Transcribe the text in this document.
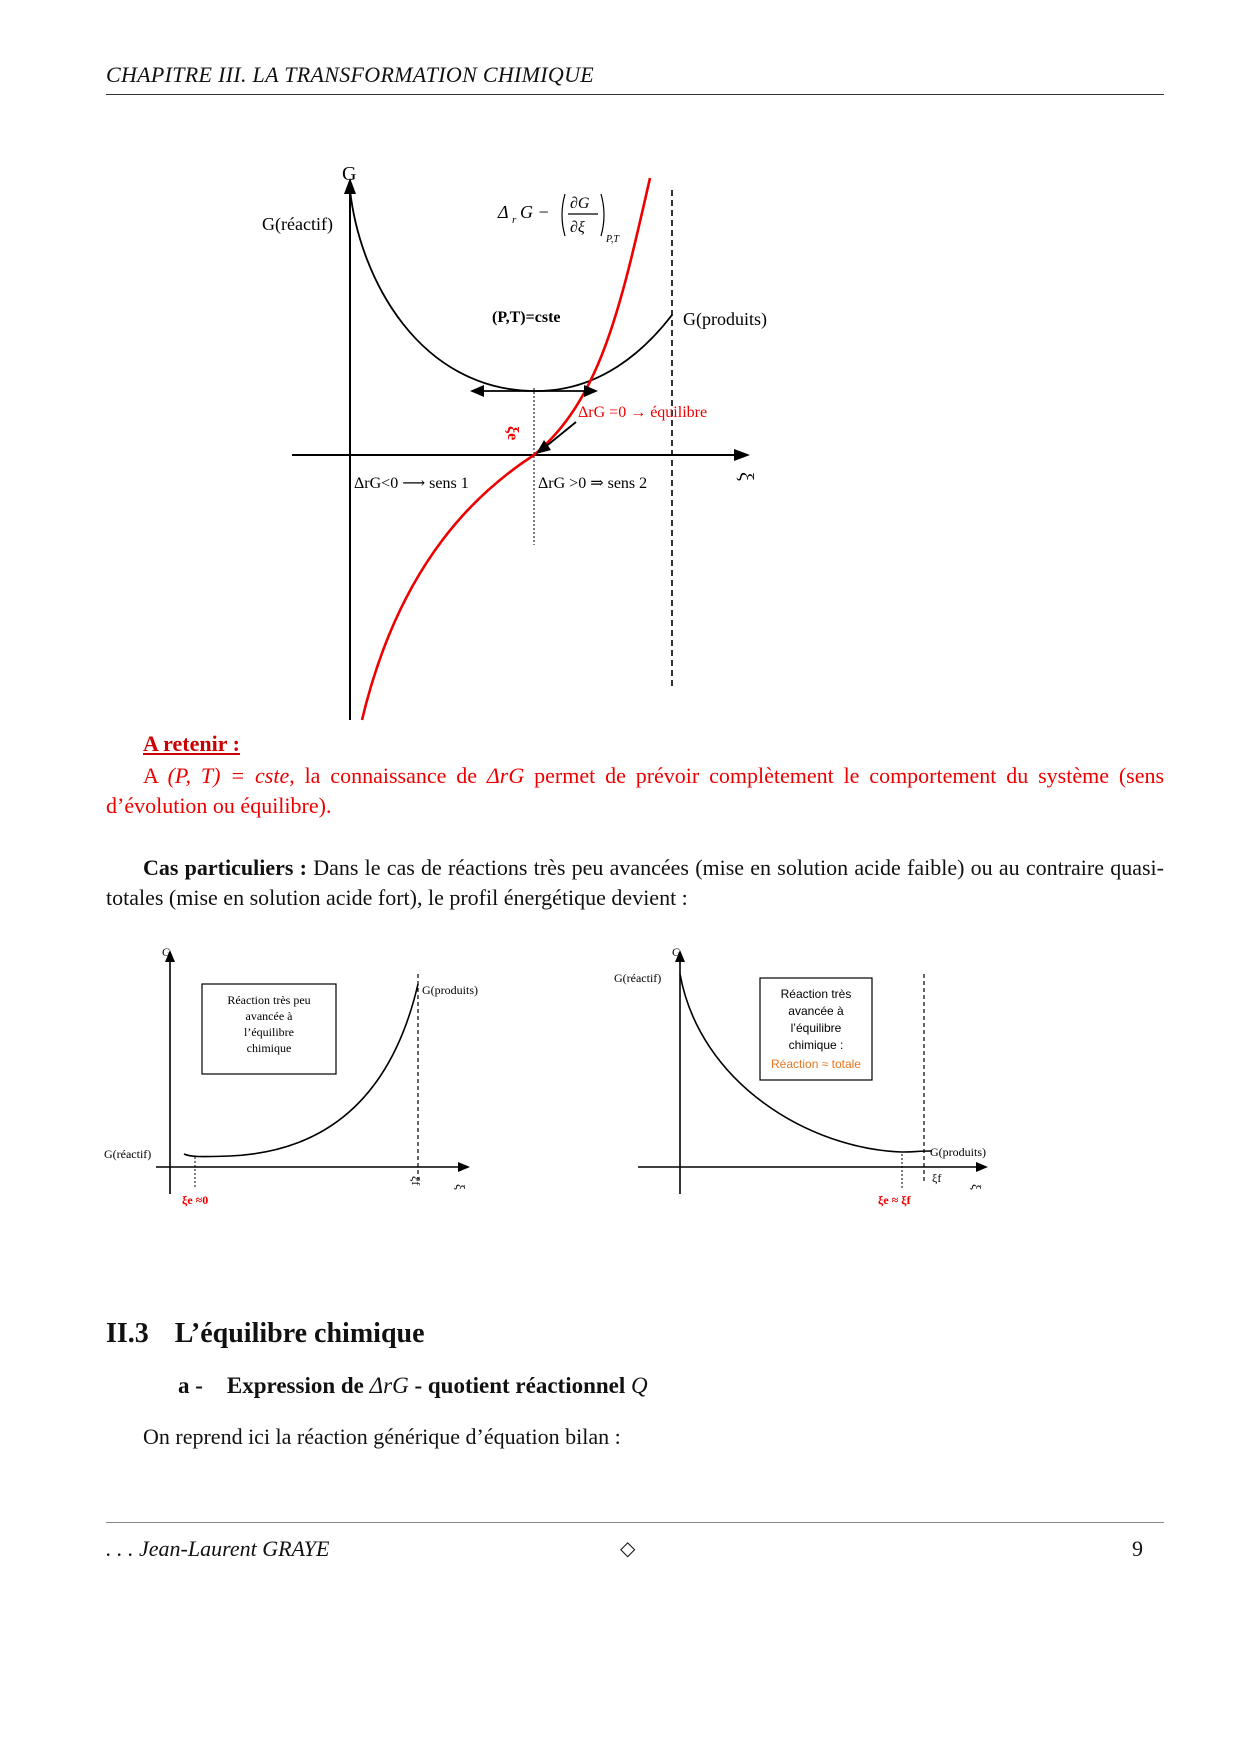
CHAPITRE III. LA TRANSFORMATION CHIMIQUE
G
ξ
G(réactif)
G(produits)
(P,T)=cste
Δ r G − ∂G
∂ξ
P,T
ξe
ΔrG =0 → équilibre
ΔrG<0 ⟶ sens 1	ΔrG >0 ⇒ sens 2
A retenir :
A (P, T) = cste, la connaissance de ΔrG permet de prévoir complètement le comportement du système (sens d’évolution ou équilibre).
Cas particuliers : Dans le cas de réactions très peu avancées (mise en solution acide faible) ou au contraire quasi-totales (mise en solution acide fort), le profil énergétique devient :
G
ξ
Réaction très peu
avancée à
l’équilibre
chimique
G(réactif)
G(produits)
ξf
ξe ≈0
G
ξ
Réaction très
avancée à
l’équilibre
chimique :
Réaction ≈ totale
G(réactif)
G(produits)
ξf
ξe ≈ ξf
II.3 L’équilibre chimique
a - Expression de ΔrG - quotient réactionnel Q
On reprend ici la réaction générique d’équation bilan :
. . . Jean-Laurent GRAYE	◇	9
